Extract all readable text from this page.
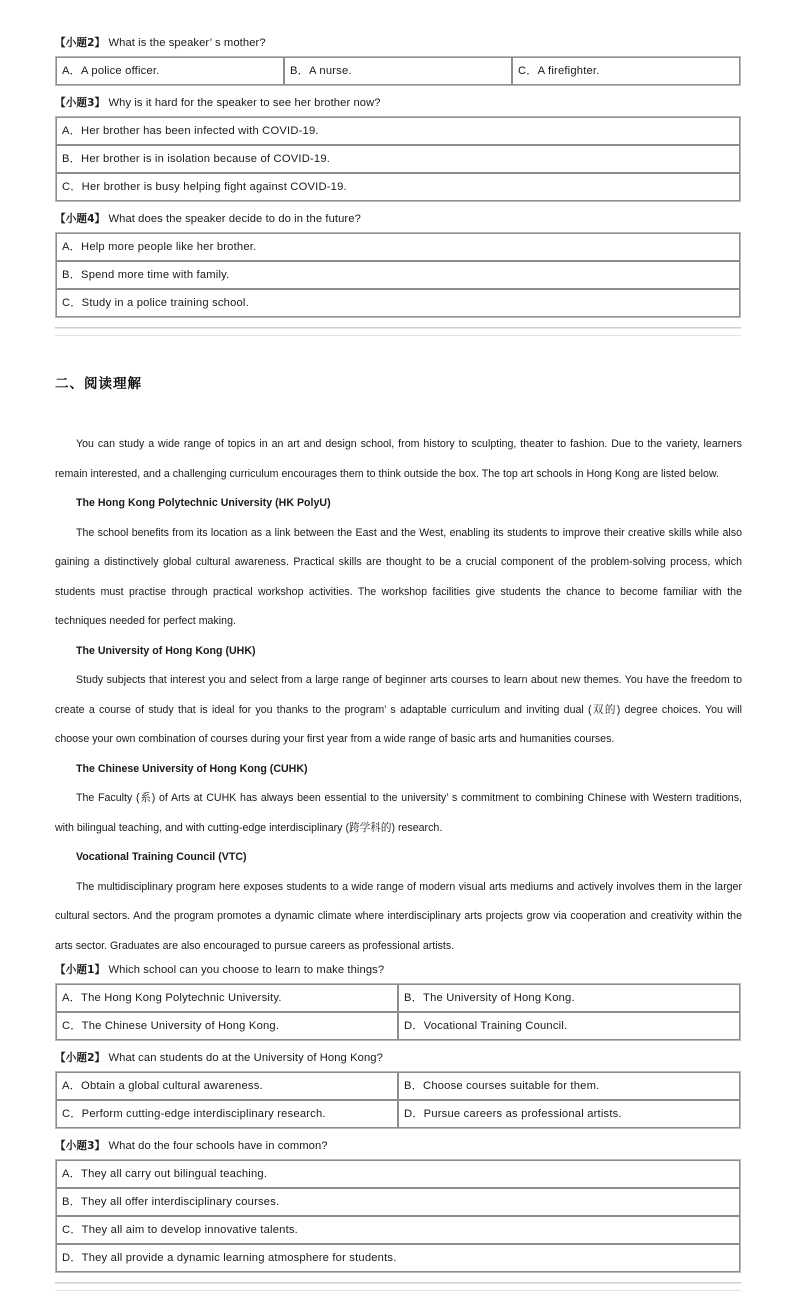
【小题2】 What is the speaker’ s mother?

A．A police officer.	B．A nurse.	C．A firefighter.

【小题3】 Why is it hard for the speaker to see her brother now?

A．Her brother has been infected with COVID-19.
B．Her brother is in isolation because of COVID-19.
C．Her brother is busy helping fight against COVID-19.

【小题4】 What does the speaker decide to do in the future?

A．Help more people like her brother.
B．Spend more time with family.
C．Study in a police training school.
二、阅读理解

You can study a wide range of topics in an art and design school, from history to sculpting, theater to fashion. Due to the variety, learners remain interested, and a challenging curriculum encourages them to think outside the box. The top art schools in Hong Kong are listed below.

The Hong Kong Polytechnic University (HK PolyU)

The school benefits from its location as a link between the East and the West, enabling its students to improve their creative skills while also gaining a distinctively global cultural awareness. Practical skills are thought to be a crucial component of the problem-solving process, which students must practise through practical workshop activities. The workshop facilities give students the chance to become familiar with the techniques needed for perfect making.

The University of Hong Kong (UHK)

Study subjects that interest you and select from a large range of beginner arts courses to learn about new themes. You have the freedom to create a course of study that is ideal for you thanks to the program’ s adaptable curriculum and inviting dual (双的) degree choices. You will choose your own combination of courses during your first year from a wide range of basic arts and humanities courses.

The Chinese University of Hong Kong (CUHK)

The Faculty (系) of Arts at CUHK has always been essential to the university’ s commitment to combining Chinese with Western traditions, with bilingual teaching, and with cutting-edge interdisciplinary (跨学科的) research.

Vocational Training Council (VTC)

The multidisciplinary program here exposes students to a wide range of modern visual arts mediums and actively involves them in the larger cultural sectors. And the program promotes a dynamic climate where interdisciplinary arts projects grow via cooperation and creativity within the arts sector. Graduates are also encouraged to pursue careers as professional artists.

【小题1】 Which school can you choose to learn to make things?

A．The Hong Kong Polytechnic University.	B．The University of Hong Kong.
C．The Chinese University of Hong Kong.	D．Vocational Training Council.

【小题2】 What can students do at the University of Hong Kong?

A．Obtain a global cultural awareness.	B．Choose courses suitable for them.
C．Perform cutting-edge interdisciplinary research.	D．Pursue careers as professional artists.

【小题3】 What do the four schools have in common?

A．They all carry out bilingual teaching.
B．They all offer interdisciplinary courses.
C．They all aim to develop innovative talents.
D．They all provide a dynamic learning atmosphere for students.
